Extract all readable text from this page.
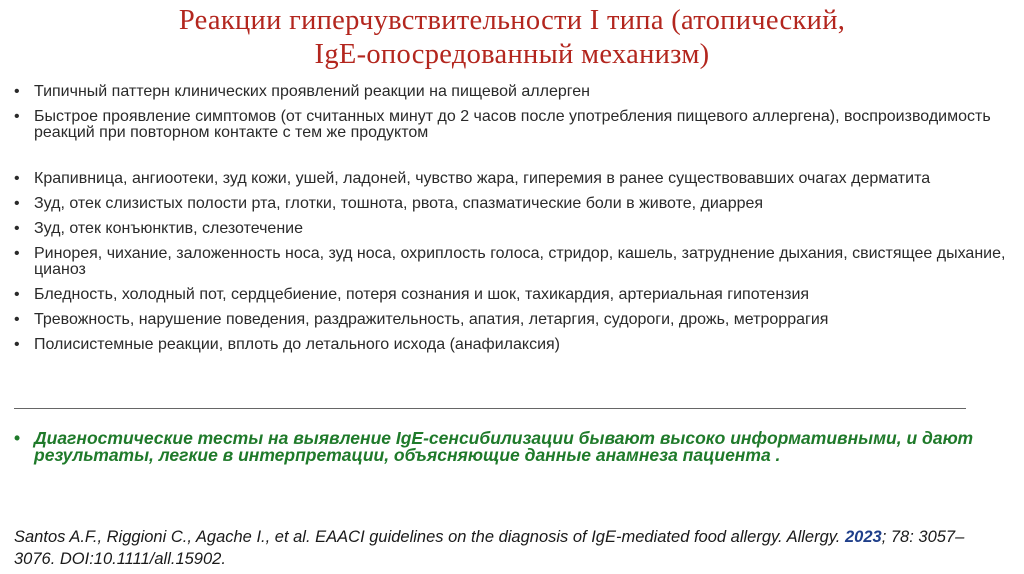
Реакции гиперчувствительности I типа (атопический,
IgE-опосредованный механизм)
• Типичный паттерн клинических проявлений реакции на пищевой аллерген
• Быстрое проявление симптомов (от считанных минут до 2 часов после употребления пищевого аллергена), воспроизводимость реакций при повторном контакте с тем же продуктом
• Крапивница, ангиоотеки, зуд кожи, ушей, ладоней, чувство жара, гиперемия в ранее существовавших очагах дерматита
• Зуд, отек слизистых полости рта, глотки, тошнота, рвота, спазматические боли в животе, диаррея
• Зуд, отек конъюнктив, слезотечение
• Ринорея, чихание, заложенность носа, зуд носа, охриплость голоса, стридор, кашель, затруднение дыхания, свистящее дыхание, цианоз
• Бледность, холодный пот, сердцебиение, потеря сознания и шок, тахикардия, артериальная гипотензия
• Тревожность, нарушение поведения, раздражительность, апатия, летаргия, судороги, дрожь, метроррагия
• Полисистемные реакции, вплоть до летального исхода (анафилаксия)
• Диагностические тесты на выявление IgE-сенсибилизации бывают высоко информативными, и дают результаты, легкие в интерпретации, объясняющие данные анамнеза пациента .
Santos A.F., Riggioni C., Agache I., et al. EAACI guidelines on the diagnosis of IgE-mediated food allergy. Allergy. 2023; 78: 3057–3076. DOI:10.1111/all.15902.
